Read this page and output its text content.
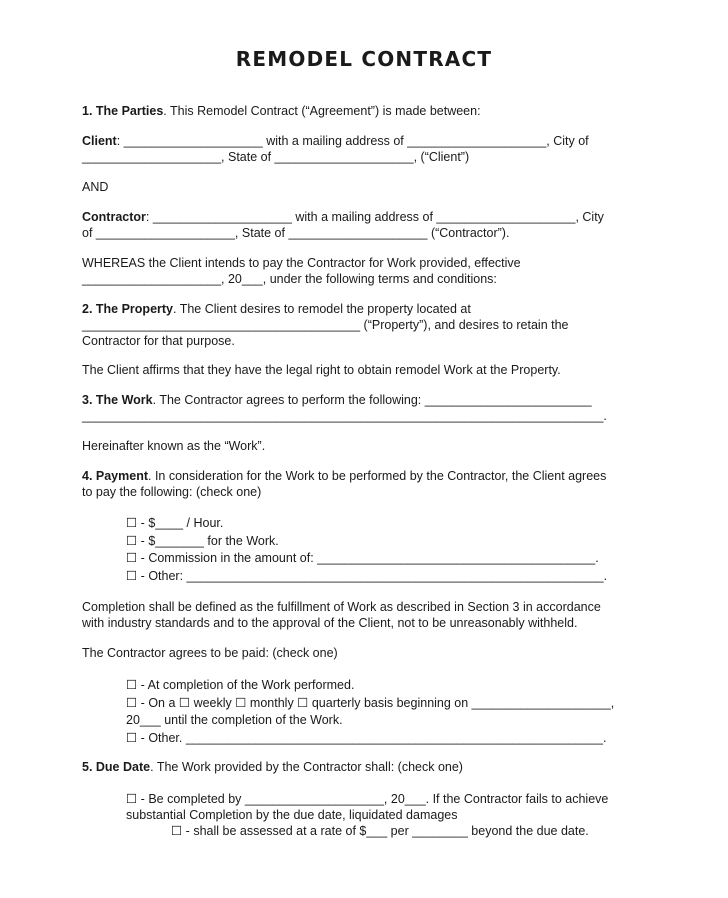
REMODEL CONTRACT
1. The Parties. This Remodel Contract (“Agreement”) is made between:
Client: ____________________ with a mailing address of ____________________, City of
____________________, State of ____________________, (“Client”)
AND
Contractor: ____________________ with a mailing address of ____________________, City
of ____________________, State of ____________________ (“Contractor”).
WHEREAS the Client intends to pay the Contractor for Work provided, effective
____________________, 20___, under the following terms and conditions:
2. The Property. The Client desires to remodel the property located at
________________________________________ (“Property”), and desires to retain the
Contractor for that purpose.
The Client affirms that they have the legal right to obtain remodel Work at the Property.
3. The Work. The Contractor agrees to perform the following: ________________________
___________________________________________________________________________.
Hereinafter known as the “Work”.
4. Payment. In consideration for the Work to be performed by the Contractor, the Client agrees
to pay the following: (check one)
☐ - $____ / Hour.
☐ - $_______ for the Work.
☐ - Commission in the amount of: ________________________________________.
☐ - Other: ____________________________________________________________.
Completion shall be defined as the fulfillment of Work as described in Section 3 in accordance
with industry standards and to the approval of the Client, not to be unreasonably withheld.
The Contractor agrees to be paid: (check one)
☐ - At completion of the Work performed.
☐ - On a ☐ weekly ☐ monthly ☐ quarterly basis beginning on ____________________,
20___ until the completion of the Work.
☐ - Other. ____________________________________________________________.
5. Due Date. The Work provided by the Contractor shall: (check one)
☐ - Be completed by ____________________, 20___. If the Contractor fails to achieve
substantial Completion by the due date, liquidated damages
☐ - shall be assessed at a rate of $___ per ________ beyond the due date.
